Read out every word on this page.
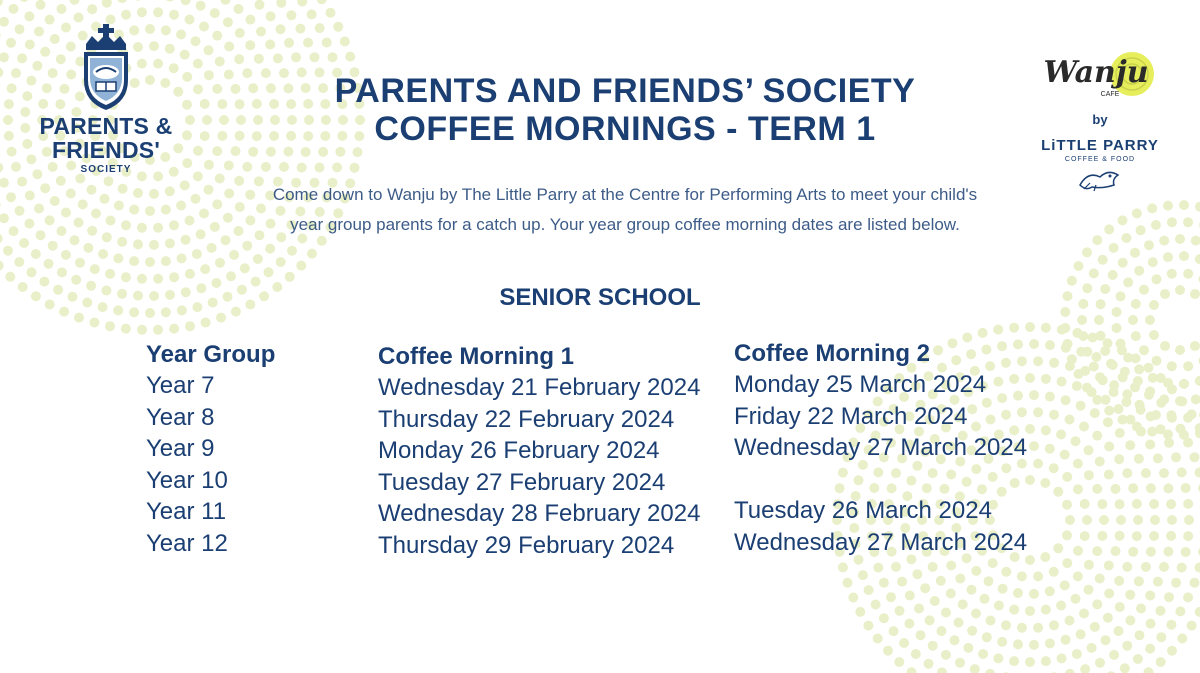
PARENTS & FRIENDS'
SOCIETY
PARENTS AND FRIENDS’ SOCIETY
COFFEE MORNINGS - TERM 1
Come down to Wanju by The Little Parry at the Centre for Performing Arts to meet your child's
year group parents for a catch up. Your year group coffee morning dates are listed below.
SENIOR SCHOOL
Year Group
Year 7
Year 8
Year 9
Year 10
Year 11
Year 12
Coffee Morning 1
Wednesday 21 February 2024
Thursday 22 February 2024
Monday 26 February 2024
Tuesday 27 February 2024
Wednesday 28 February 2024
Thursday 29 February 2024
Coffee Morning 2
Monday 25 March 2024
Friday 22 March 2024
Wednesday 27 March 2024
Tuesday 26 March 2024
Wednesday 27 March 2024
Wanju
CAFE
by
LiTTLE PARRY
COFFEE & FOOD
